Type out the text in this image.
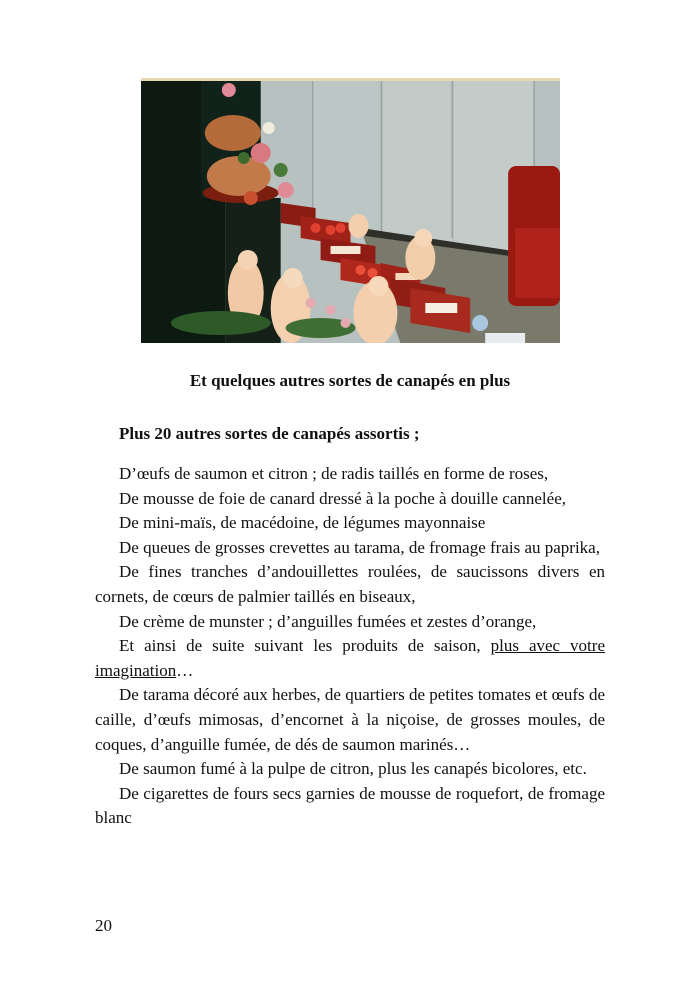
Et quelques autres sortes de canapés en plus
Plus 20 autres sortes de canapés assortis ;

D’œufs de saumon et citron ; de radis taillés en forme de roses,

De mousse de foie de canard dressé à la poche à douille cannelée,

De mini-maïs, de macédoine, de légumes mayonnaise

De queues de grosses crevettes au tarama, de fromage frais au paprika,

De fines tranches d’andouillettes roulées, de saucissons divers en cornets, de cœurs de palmier taillés en biseaux,

De crème de munster ; d’anguilles fumées et zestes d’orange,

Et ainsi de suite suivant les produits de saison, plus avec votre imagination…

De tarama décoré aux herbes, de quartiers de petites tomates et œufs de caille, d’œufs mimosas, d’encornet à la niçoise, de grosses moules, de coques, d’anguille fumée, de dés de saumon marinés…

De saumon fumé à la pulpe de citron, plus les canapés bicolores, etc.

De cigarettes de fours secs garnies de mousse de roquefort, de fromage blanc

20
